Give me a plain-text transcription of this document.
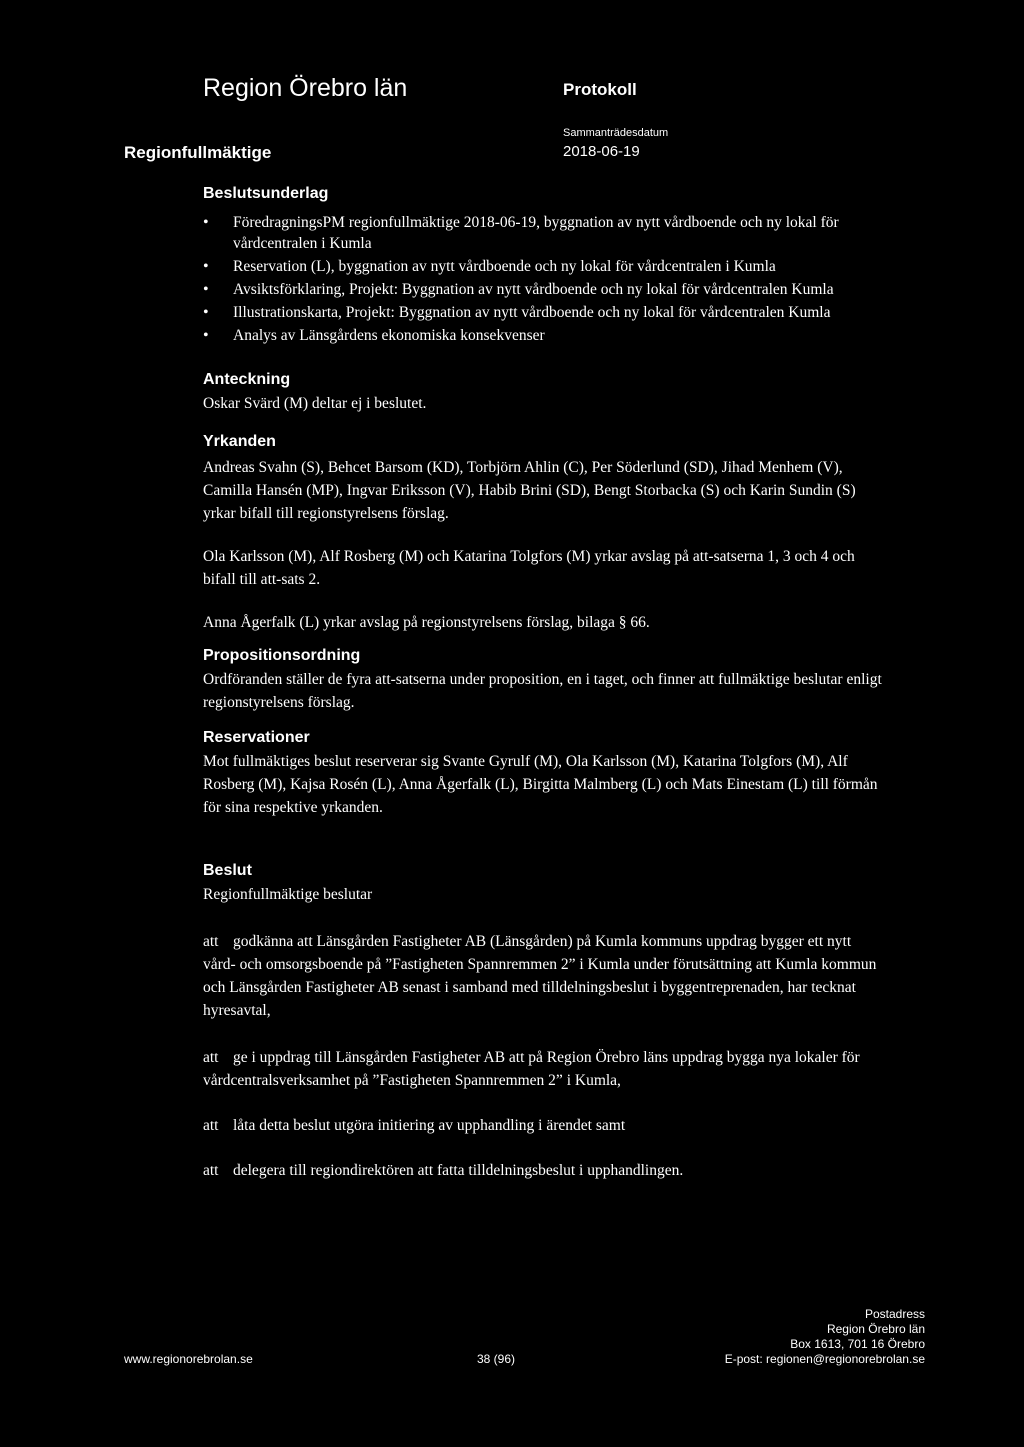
Region Örebro län	Protokoll
Sammanträdesdatum
2018-06-19
Regionfullmäktige
Beslutsunderlag
• FöredragningsPM regionfullmäktige 2018-06-19, byggnation av nytt vårdboende och ny lokal för vårdcentralen i Kumla
• Reservation (L), byggnation av nytt vårdboende och ny lokal för vårdcentralen i Kumla
• Avsiktsförklaring, Projekt: Byggnation av nytt vårdboende och ny lokal för vårdcentralen Kumla
• Illustrationskarta, Projekt: Byggnation av nytt vårdboende och ny lokal för vårdcentralen Kumla
• Analys av Länsgårdens ekonomiska konsekvenser
Anteckning

Oskar Svärd (M) deltar ej i beslutet.

Yrkanden

Andreas Svahn (S), Behcet Barsom (KD), Torbjörn Ahlin (C), Per Söderlund (SD), Jihad Menhem (V), Camilla Hansén (MP), Ingvar Eriksson (V), Habib Brini (SD), Bengt Storbacka (S) och Karin Sundin (S) yrkar bifall till regionstyrelsens förslag.

Ola Karlsson (M), Alf Rosberg (M) och Katarina Tolgfors (M) yrkar avslag på att-satserna 1, 3 och 4 och bifall till att-sats 2.

Anna Ågerfalk (L) yrkar avslag på regionstyrelsens förslag, bilaga § 66.

Propositionsordning

Ordföranden ställer de fyra att-satserna under proposition, en i taget, och finner att fullmäktige beslutar enligt regionstyrelsens förslag.

Reservationer

Mot fullmäktiges beslut reserverar sig Svante Gyrulf (M), Ola Karlsson (M), Katarina Tolgfors (M), Alf Rosberg (M), Kajsa Rosén (L), Anna Ågerfalk (L), Birgitta Malmberg (L) och Mats Einestam (L) till förmån för sina respektive yrkanden.

Beslut

Regionfullmäktige beslutar

att godkänna att Länsgården Fastigheter AB (Länsgården) på Kumla kommuns uppdrag bygger ett nytt vård- och omsorgsboende på ”Fastigheten Spannremmen 2” i Kumla under förutsättning att Kumla kommun och Länsgården Fastigheter AB senast i samband med tilldelningsbeslut i byggentreprenaden, har tecknat hyresavtal,

att ge i uppdrag till Länsgården Fastigheter AB att på Region Örebro läns uppdrag bygga nya lokaler för vårdcentralsverksamhet på ”Fastigheten Spannremmen 2” i Kumla,

att låta detta beslut utgöra initiering av upphandling i ärendet samt

att delegera till regiondirektören att fatta tilldelningsbeslut i upphandlingen.

www.regionorebrolan.se	38 (96)
Postadress
Region Örebro län
Box 1613, 701 16 Örebro
E-post: regionen@regionorebrolan.se
